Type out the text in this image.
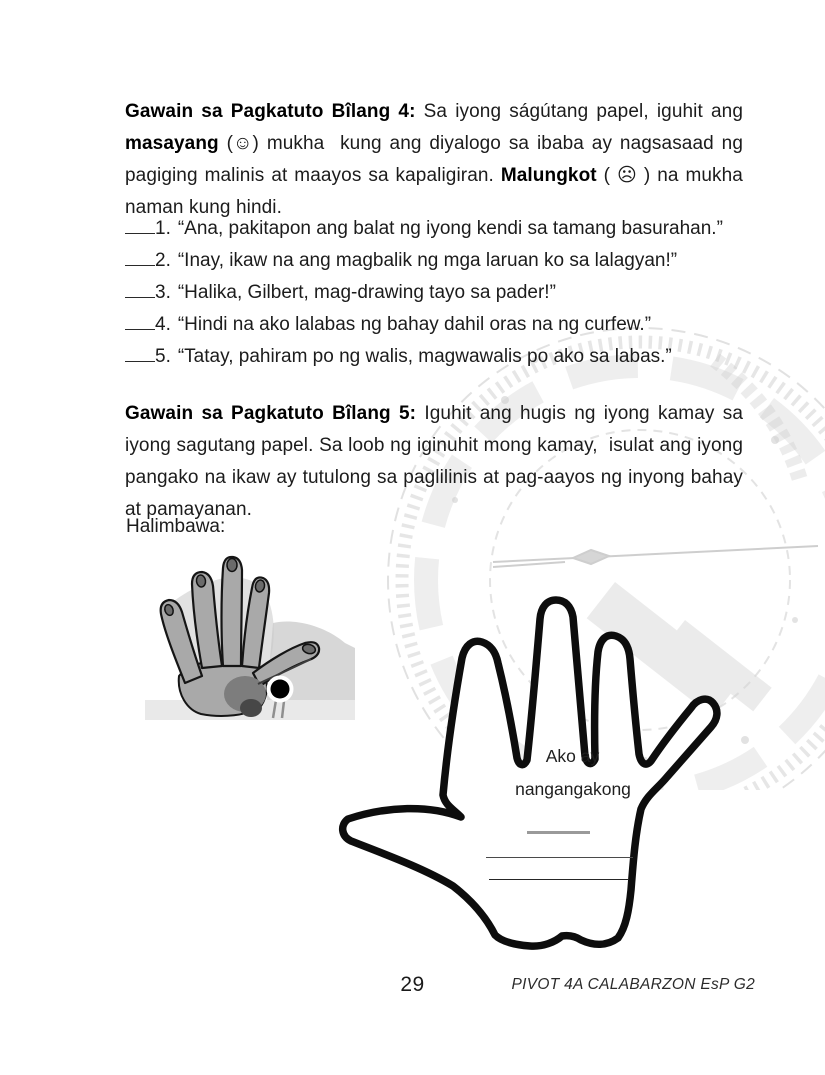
Gawain sa Pagkatuto Bîlang 4: Sa iyong ságútang papel, iguhit ang masayang (☺) mukha  kung ang diyalogo sa ibaba ay nagsasaad ng pagiging malinis at maayos sa kapaligiran. Malungkot ( ☹ ) na mukha naman kung hindi.

1. “Ana, pakitapon ang balat ng iyong kendi sa tamang basurahan.”
2. “Inay, ikaw na ang magbalik ng mga laruan ko sa lalagyan!”
3. “Halika, Gilbert, mag-drawing tayo sa pader!”
4. “Hindi na ako lalabas ng bahay dahil oras na ng curfew.”
5. “Tatay, pahiram po ng walis, magwawalis po ako sa labas.”

Gawain sa Pagkatuto Bîlang 5: Iguhit ang hugis ng iyong kamay sa iyong sagutang papel. Sa loob ng iginuhit mong kamay,  isulat ang iyong pangako na ikaw ay tutulong sa paglilinis at pag-aayos ng inyong bahay at pamayanan.

Halimbawa:
Ako ay
nangangakong
29	PIVOT 4A CALABARZON EsP G2
